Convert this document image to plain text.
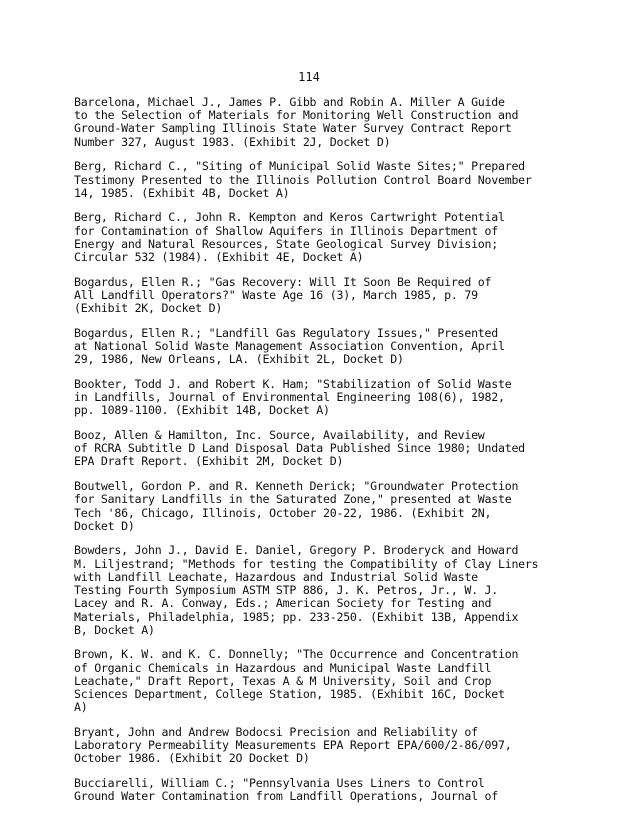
114
Barcelona, Michael J., James P. Gibb and Robin A. Miller A Guide
to the Selection of Materials for Monitoring Well Construction and
Ground-Water Sampling Illinois State Water Survey Contract Report
Number 327, August 1983. (Exhibit 2J, Docket D)
Berg, Richard C., "Siting of Municipal Solid Waste Sites;" Prepared
Testimony Presented to the Illinois Pollution Control Board November
14, 1985. (Exhibit 4B, Docket A)
Berg, Richard C., John R. Kempton and Keros Cartwright Potential
for Contamination of Shallow Aquifers in Illinois Department of
Energy and Natural Resources, State Geological Survey Division;
Circular 532 (1984). (Exhibit 4E, Docket A)
Bogardus, Ellen R.; "Gas Recovery: Will It Soon Be Required of
All Landfill Operators?" Waste Age 16 (3), March 1985, p. 79
(Exhibit 2K, Docket D)
Bogardus, Ellen R.; "Landfill Gas Regulatory Issues," Presented
at National Solid Waste Management Association Convention, April
29, 1986, New Orleans, LA. (Exhibit 2L, Docket D)
Bookter, Todd J. and Robert K. Ham; "Stabilization of Solid Waste
in Landfills, Journal of Environmental Engineering 108(6), 1982,
pp. 1089-1100. (Exhibit 14B, Docket A)
Booz, Allen & Hamilton, Inc. Source, Availability, and Review
of RCRA Subtitle D Land Disposal Data Published Since 1980; Undated
EPA Draft Report. (Exhibit 2M, Docket D)
Boutwell, Gordon P. and R. Kenneth Derick; "Groundwater Protection
for Sanitary Landfills in the Saturated Zone," presented at Waste
Tech '86, Chicago, Illinois, October 20-22, 1986. (Exhibit 2N,
Docket D)
Bowders, John J., David E. Daniel, Gregory P. Broderyck and Howard
M. Liljestrand; "Methods for testing the Compatibility of Clay Liners
with Landfill Leachate, Hazardous and Industrial Solid Waste
Testing Fourth Symposium ASTM STP 886, J. K. Petros, Jr., W. J.
Lacey and R. A. Conway, Eds.; American Society for Testing and
Materials, Philadelphia, 1985; pp. 233-250. (Exhibit 13B, Appendix
B, Docket A)
Brown, K. W. and K. C. Donnelly; "The Occurrence and Concentration
of Organic Chemicals in Hazardous and Municipal Waste Landfill
Leachate," Draft Report, Texas A & M University, Soil and Crop
Sciences Department, College Station, 1985. (Exhibit 16C, Docket
A)
Bryant, John and Andrew Bodocsi Precision and Reliability of
Laboratory Permeability Measurements EPA Report EPA/600/2-86/097,
October 1986. (Exhibit 2O Docket D)
Bucciarelli, William C.; "Pennsylvania Uses Liners to Control
Ground Water Contamination from Landfill Operations, Journal of
